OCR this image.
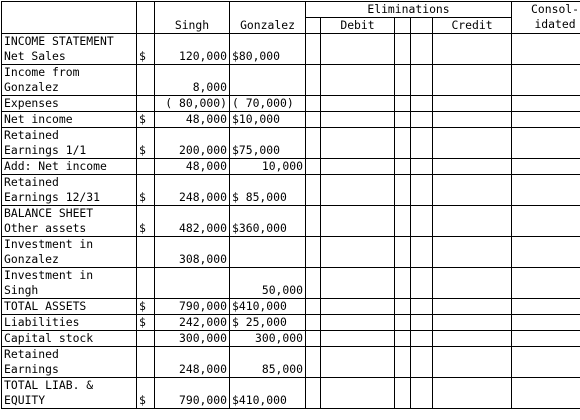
		Singh	Gonzalez	Eliminations					Consol-
idated
					Debit			Credit	
INCOME STATEMENT
Net Sales	$	120,000	$80,000						
Income from
Gonzalez		8,000							
Expenses		( 80,000)	( 70,000)						
Net income	$	48,000	$10,000						
Retained
Earnings 1/1	$	200,000	$75,000						
Add: Net income		48,000	10,000						
Retained
Earnings 12/31	$	248,000	$ 85,000						
BALANCE SHEET
Other assets	$	482,000	$360,000						
Investment in
Gonzalez		308,000							
Investment in
Singh			50,000						
TOTAL ASSETS	$	790,000	$410,000						
Liabilities	$	242,000	$ 25,000						
Capital stock		300,000	300,000						
Retained
Earnings		248,000	85,000						
TOTAL LIAB. &
EQUITY	$	790,000	$410,000						
